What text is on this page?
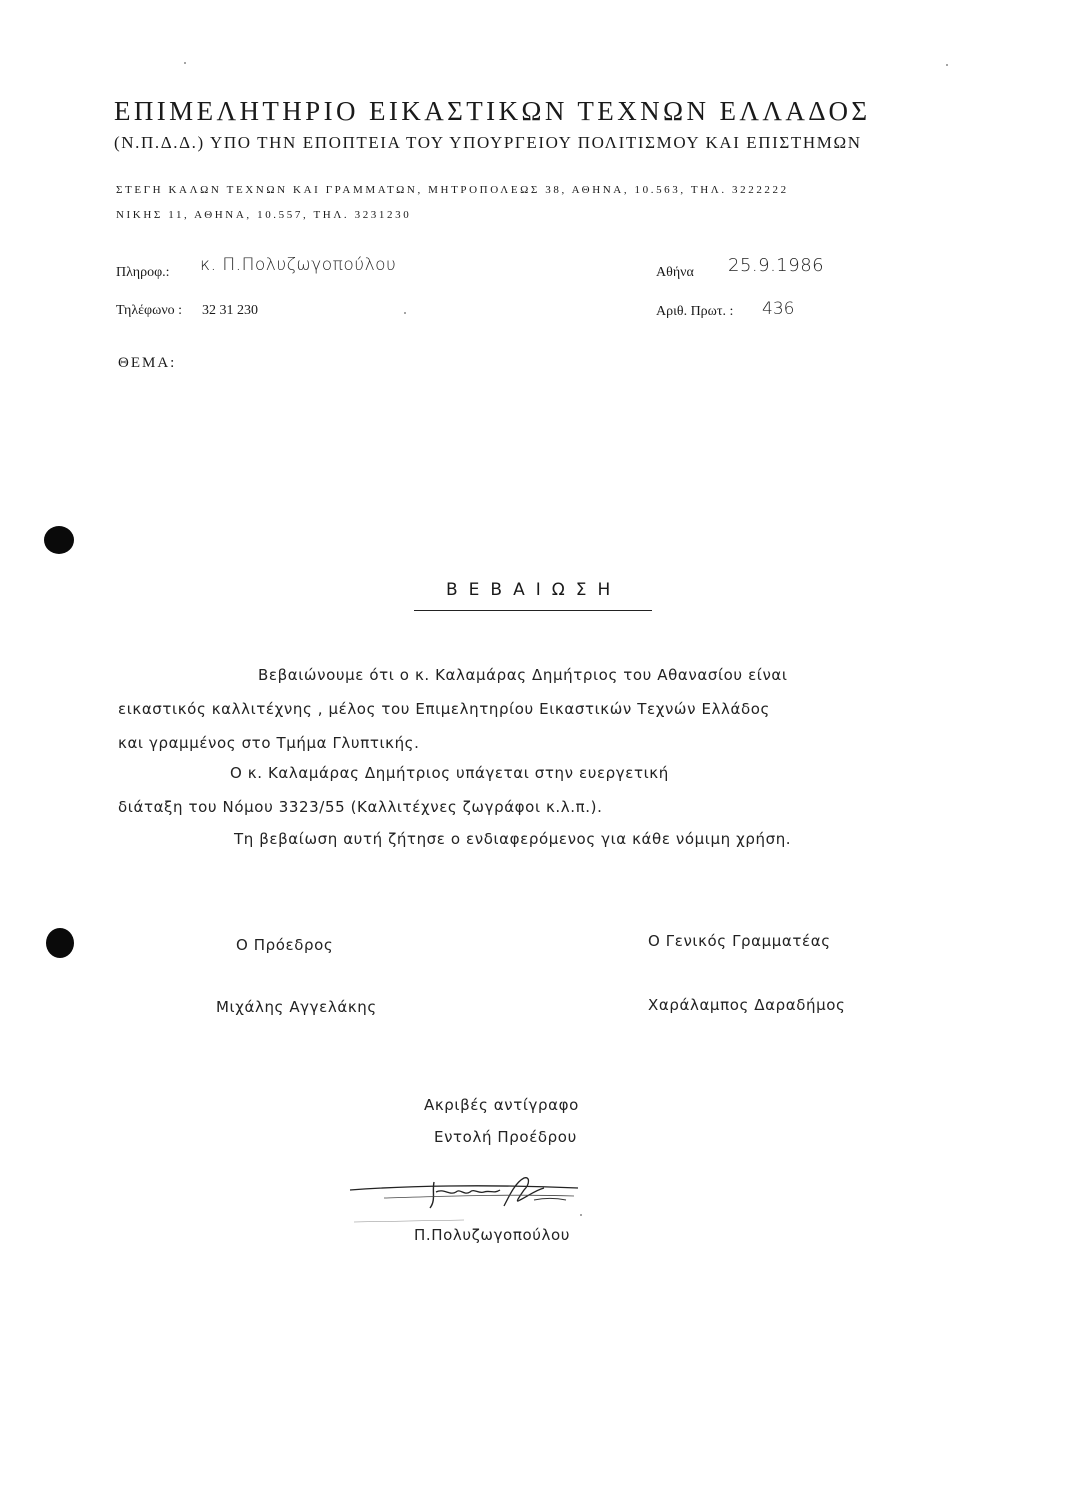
ΕΠΙΜΕΛΗΤΗΡΙΟ ΕΙΚΑΣΤΙΚΩΝ ΤΕΧΝΩΝ ΕΛΛΑΔΟΣ
(Ν.Π.Δ.Δ.) ΥΠΟ ΤΗΝ ΕΠΟΠΤΕΙΑ ΤΟΥ ΥΠΟΥΡΓΕΙΟΥ ΠΟΛΙΤΙΣΜΟΥ ΚΑΙ ΕΠΙΣΤΗΜΩΝ
ΣΤΕΓΗ ΚΑΛΩΝ ΤΕΧΝΩΝ ΚΑΙ ΓΡΑΜΜΑΤΩΝ, ΜΗΤΡΟΠΟΛΕΩΣ 38, ΑΘΗΝΑ, 10.563, ΤΗΛ. 3222222
ΝΙΚΗΣ 11, ΑΘΗΝΑ, 10.557, ΤΗΛ. 3231230
Πληροφ.: κ. Π.Πολυζωγοπούλου
Τηλέφωνο : 32 31 230
Αθήνα 25.9.1986
Αριθ. Πρωτ. : 436
ΘΕΜΑ:
ΒΕΒΑΙΩΣΗ
Βεβαιώνουμε ότι ο κ. Καλαμάρας Δημήτριος του Αθανασίου είναι
εικαστικός καλλιτέχνης , μέλος του Επιμελητηρίου Εικαστικών Τεχνών Ελλάδος
και γραμμένος στο Τμήμα Γλυπτικής.
Ο κ. Καλαμάρας Δημήτριος υπάγεται στην ευεργετική
διάταξη του Νόμου 3323/55 (Καλλιτέχνες ζωγράφοι κ.λ.π.).
Τη βεβαίωση αυτή ζήτησε ο ενδιαφερόμενος για κάθε νόμιμη χρήση.
Ο Πρόεδρος	Ο Γενικός Γραμματέας
Μιχάλης Αγγελάκης	Χαράλαμπος Δαραδήμος
Ακριβές αντίγραφο
Εντολή Προέδρου
Π.Πολυζωγοπούλου
